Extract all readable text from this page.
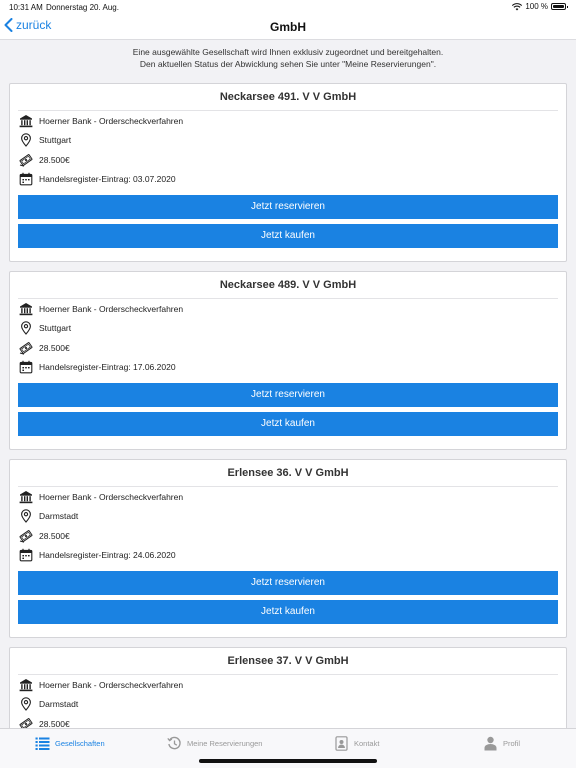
10:31 AM Donnerstag 20. Aug.	100 %
zurück	GmbH
Eine ausgewählte Gesellschaft wird Ihnen exklusiv zugeordnet und bereitgehalten.
Den aktuellen Status der Abwicklung sehen Sie unter "Meine Reservierungen".
Neckarsee 491. V V GmbH
Hoerner Bank - Orderscheckverfahren
Stuttgart
28.500€
Handelsregister-Eintrag: 03.07.2020
Jetzt reservieren
Jetzt kaufen
Neckarsee 489. V V GmbH
Hoerner Bank - Orderscheckverfahren
Stuttgart
28.500€
Handelsregister-Eintrag: 17.06.2020
Jetzt reservieren
Jetzt kaufen
Erlensee 36. V V GmbH
Hoerner Bank - Orderscheckverfahren
Darmstadt
28.500€
Handelsregister-Eintrag: 24.06.2020
Jetzt reservieren
Jetzt kaufen
Erlensee 37. V V GmbH
Hoerner Bank - Orderscheckverfahren
Darmstadt
28.500€
Gesellschaften	Meine Reservierungen	Kontakt	Profil
